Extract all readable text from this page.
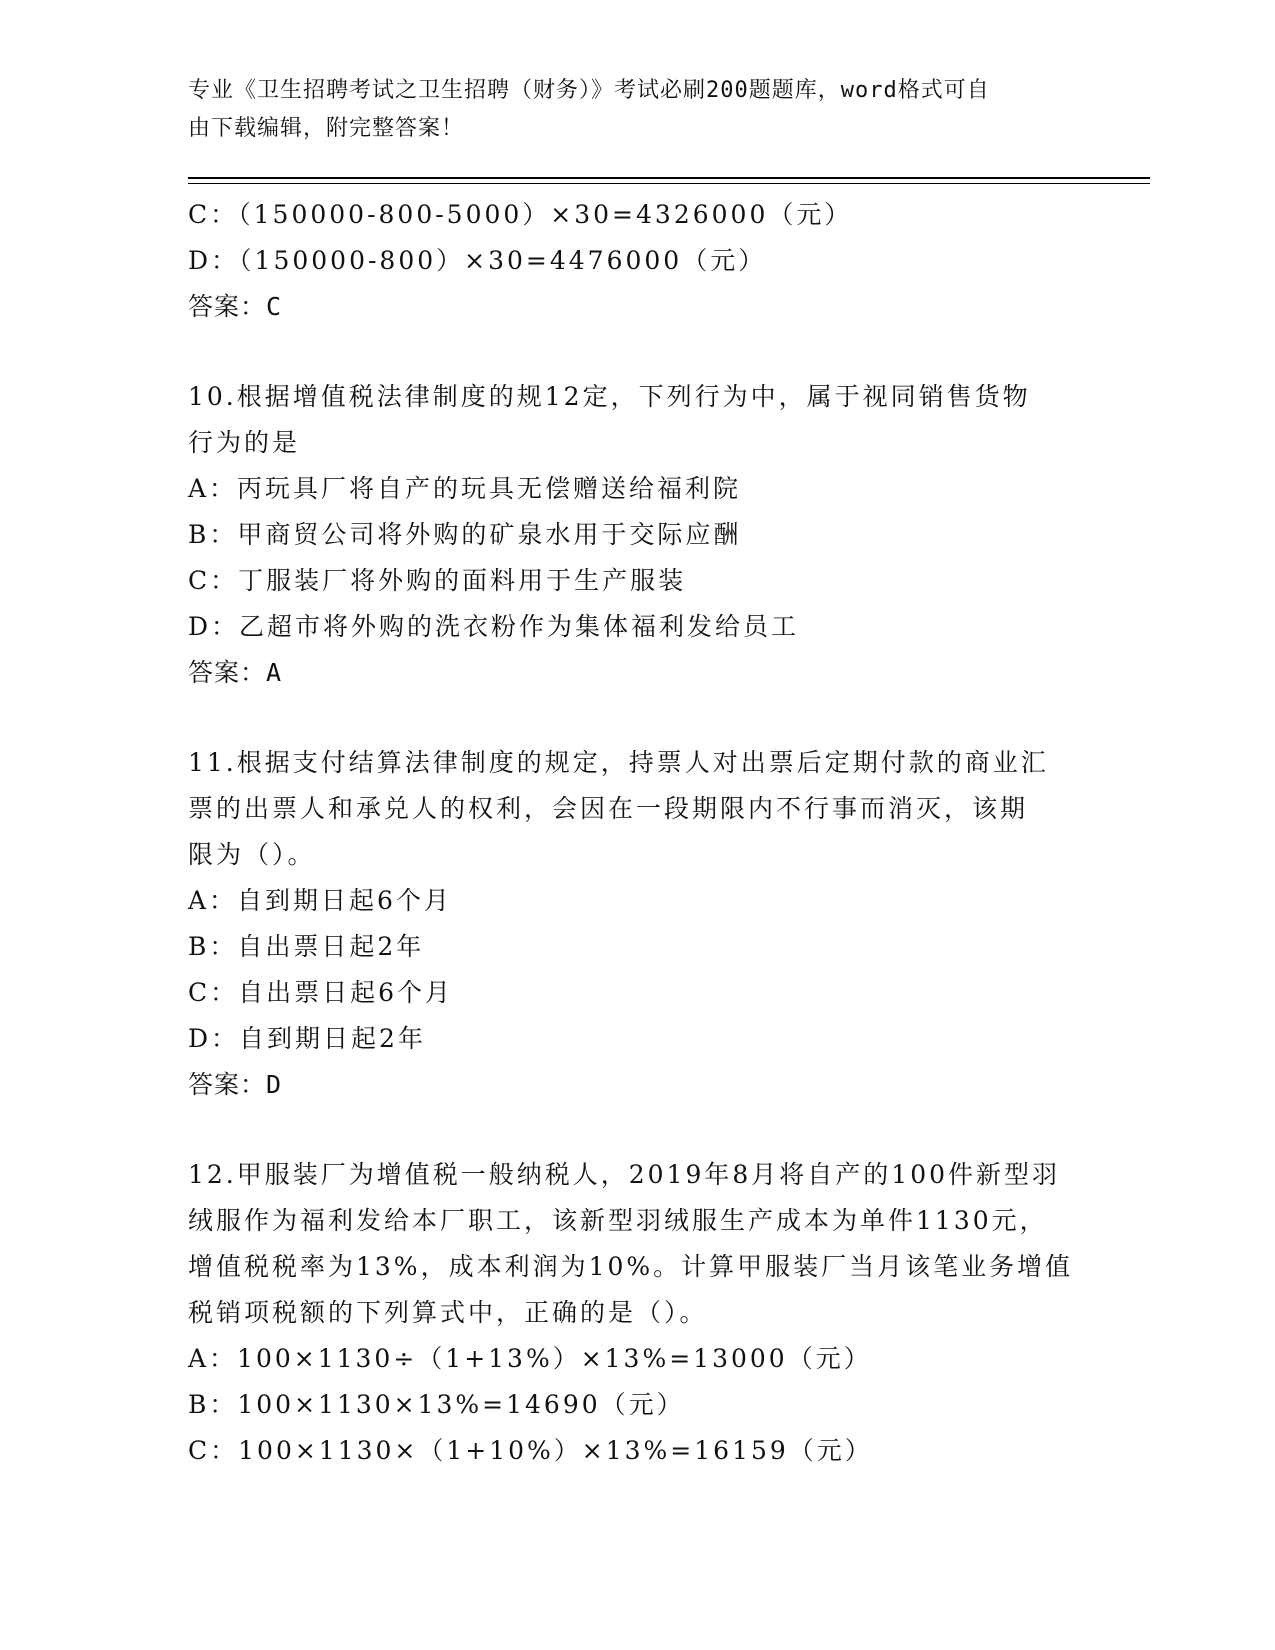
专业《卫生招聘考试之卫生招聘（财务）》考试必刷200题题库，word格式可自
由下载编辑，附完整答案！
C：（150000-800-5000）×30=4326000（元）
D：（150000-800）×30=4476000（元）
答案：C
10.根据增值税法律制度的规12定，下列行为中，属于视同销售货物
行为的是
A：丙玩具厂将自产的玩具无偿赠送给福利院
B：甲商贸公司将外购的矿泉水用于交际应酬
C：丁服装厂将外购的面料用于生产服装
D：乙超市将外购的洗衣粉作为集体福利发给员工
答案：A
11.根据支付结算法律制度的规定，持票人对出票后定期付款的商业汇
票的出票人和承兑人的权利，会因在一段期限内不行事而消灭，该期
限为（）。
A：自到期日起6个月
B：自出票日起2年
C：自出票日起6个月
D：自到期日起2年
答案：D
12.甲服装厂为增值税一般纳税人，2019年8月将自产的100件新型羽
绒服作为福利发给本厂职工，该新型羽绒服生产成本为单件1130元，
增值税税率为13%，成本利润为10%。计算甲服装厂当月该笔业务增值
税销项税额的下列算式中，正确的是（）。
A：100×1130÷（1+13%）×13%=13000（元）
B：100×1130×13%=14690（元）
C：100×1130×（1+10%）×13%=16159（元）
